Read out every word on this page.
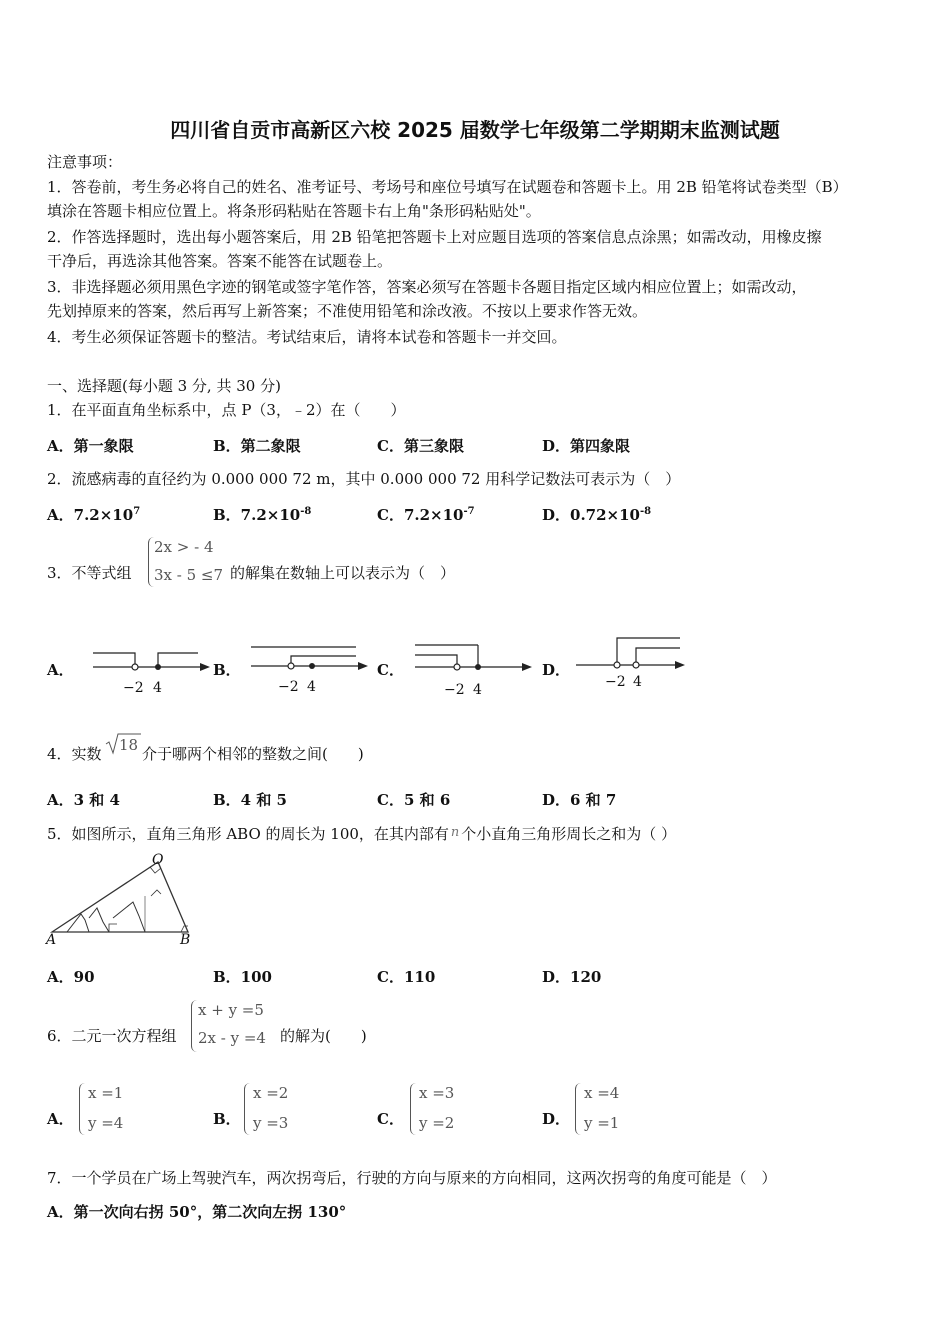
四川省自贡市高新区六校 2025 届数学七年级第二学期期末监测试题
注意事项：
1．答卷前，考生务必将自己的姓名、准考证号、考场号和座位号填写在试题卷和答题卡上。用 2B 铅笔将试卷类型（B）
填涂在答题卡相应位置上。将条形码粘贴在答题卡右上角"条形码粘贴处"。
2．作答选择题时，选出每小题答案后，用 2B 铅笔把答题卡上对应题目选项的答案信息点涂黑；如需改动，用橡皮擦
干净后，再选涂其他答案。答案不能答在试题卷上。
3．非选择题必须用黑色字迹的钢笔或签字笔作答，答案必须写在答题卡各题目指定区域内相应位置上；如需改动，
先划掉原来的答案，然后再写上新答案；不准使用铅笔和涂改液。不按以上要求作答无效。
4．考生必须保证答题卡的整洁。考试结束后，请将本试卷和答题卡一并交回。
一、选择题(每小题 3 分, 共 30 分)
1．在平面直角坐标系中，点 P（3，﹣2）在（　　）
A．第一象限	B．第二象限	C．第三象限	D．第四象限
2．流感病毒的直径约为 0.000 000 72 m，其中 0.000 000 72 用科学记数法可表示为（　）
A．$7.2\times 10^7$	B．$7.2\times 10^{-8}$	C．$7.2\times 10^{-7}$	D．$0.72\times 10^{-8}$
3．不等式组
2x > - 4
3x - 5 ≤7 的解集在数轴上可以表示为（　）
A．	B．	C．	D．
−2 4	−2 4	−2 4	−2 4
4．实数 18 介于哪两个相邻的整数之间(　　)
A．3 和 4	B．4 和 5	C．5 和 6	D．6 和 7
5．如图所示，直角三角形 ABO 的周长为 100，在其内部有 n 个小直角三角形周长之和为（ ）
O
A	B
A．90	B．100	C．110	D．120
6．二元一次方程组
x + y =5
2x - y =4 的解为(　　)
A．
x =1
y =4	B．
x =2
y =3	C．
x =3
y =2	D．
x =4
y =1
7．一个学员在广场上驾驶汽车，两次拐弯后，行驶的方向与原来的方向相同，这两次拐弯的角度可能是（　）
A．第一次向右拐 50°，第二次向左拐 130°
